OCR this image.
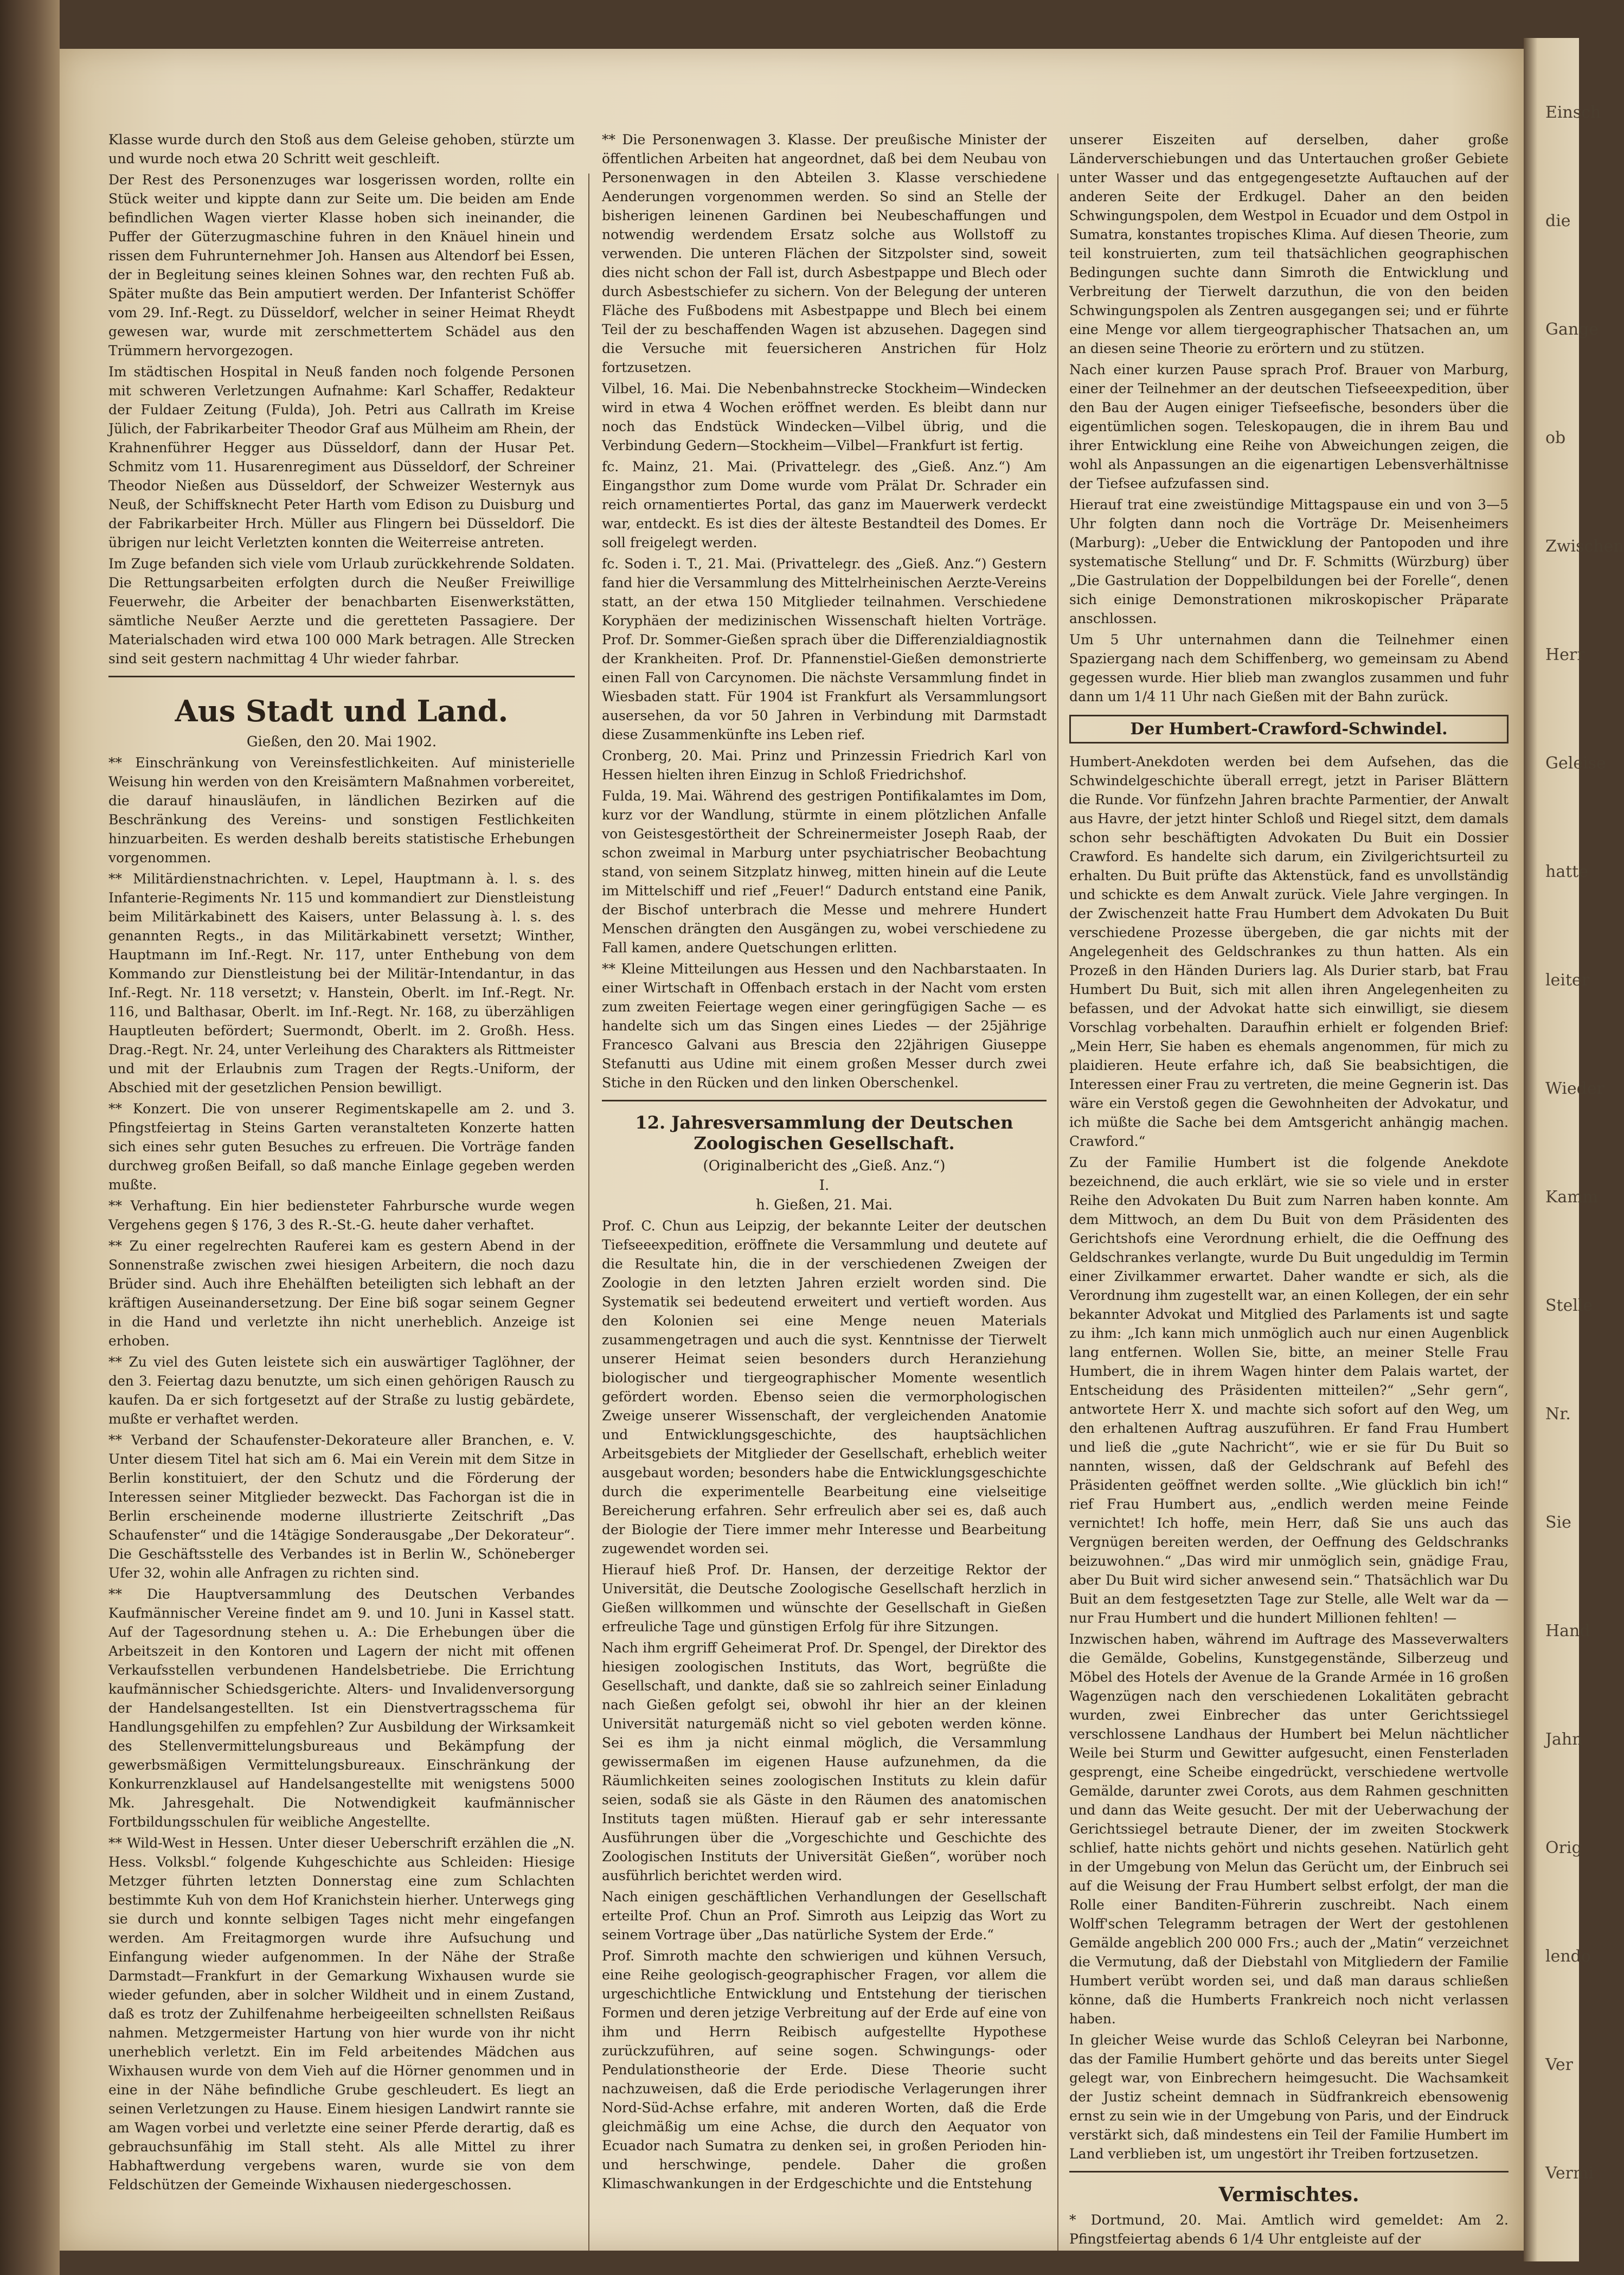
Klasse wurde durch den Stoß aus dem Geleise gehoben, stürzte um und wurde noch etwa 20 Schritt weit geschleift.

Der Rest des Personenzuges war losgerissen worden, rollte ein Stück weiter und kippte dann zur Seite um. Die beiden am Ende befindlichen Wagen vierter Klasse hoben sich ineinander, die Puffer der Güterzugmaschine fuhren in den Knäuel hinein und rissen dem Fuhrunternehmer Joh. Hansen aus Altendorf bei Essen, der in Begleitung seines kleinen Sohnes war, den rechten Fuß ab. Später mußte das Bein amputiert werden. Der Infanterist Schöffer vom 29. Inf.-Regt. zu Düsseldorf, welcher in seiner Heimat Rheydt gewesen war, wurde mit zerschmettertem Schädel aus den Trümmern hervorgezogen.

Im städtischen Hospital in Neuß fanden noch folgende Personen mit schweren Verletzungen Aufnahme: Karl Schaffer, Redakteur der Fuldaer Zeitung (Fulda), Joh. Petri aus Callrath im Kreise Jülich, der Fabrikarbeiter Theodor Graf aus Mülheim am Rhein, der Krahnenführer Hegger aus Düsseldorf, dann der Husar Pet. Schmitz vom 11. Husarenregiment aus Düsseldorf, der Schreiner Theodor Nießen aus Düsseldorf, der Schweizer Westernyk aus Neuß, der Schiffsknecht Peter Harth vom Edison zu Duisburg und der Fabrikarbeiter Hrch. Müller aus Flingern bei Düsseldorf. Die übrigen nur leicht Verletzten konnten die Weiterreise antreten.

Im Zuge befanden sich viele vom Urlaub zurückkehrende Soldaten. Die Rettungsarbeiten erfolgten durch die Neußer Freiwillige Feuerwehr, die Arbeiter der benachbarten Eisenwerkstätten, sämtliche Neußer Aerzte und die geretteten Passagiere. Der Materialschaden wird etwa 100 000 Mark betragen. Alle Strecken sind seit gestern nachmittag 4 Uhr wieder fahrbar.

Aus Stadt und Land.
Gießen, den 20. Mai 1902.

** Einschränkung von Vereinsfestlichkeiten. Auf ministerielle Weisung hin werden von den Kreisämtern Maßnahmen vorbereitet, die darauf hinausläufen, in ländlichen Bezirken auf die Beschränkung des Vereins- und sonstigen Festlichkeiten hinzuarbeiten. Es werden deshalb bereits statistische Erhebungen vorgenommen.

** Militärdienstnachrichten. v. Lepel, Hauptmann à. l. s. des Infanterie-Regiments Nr. 115 und kommandiert zur Dienstleistung beim Militärkabinett des Kaisers, unter Belassung à. l. s. des genannten Regts., in das Militärkabinett versetzt; Winther, Hauptmann im Inf.-Regt. Nr. 117, unter Enthebung von dem Kommando zur Dienstleistung bei der Militär-Intendantur, in das Inf.-Regt. Nr. 118 versetzt; v. Hanstein, Oberlt. im Inf.-Regt. Nr. 116, und Balthasar, Oberlt. im Inf.-Regt. Nr. 168, zu überzähligen Hauptleuten befördert; Suermondt, Oberlt. im 2. Großh. Hess. Drag.-Regt. Nr. 24, unter Verleihung des Charakters als Rittmeister und mit der Erlaubnis zum Tragen der Regts.-Uniform, der Abschied mit der gesetzlichen Pension bewilligt.

** Konzert. Die von unserer Regimentskapelle am 2. und 3. Pfingstfeiertag in Steins Garten veranstalteten Konzerte hatten sich eines sehr guten Besuches zu erfreuen. Die Vorträge fanden durchweg großen Beifall, so daß manche Einlage gegeben werden mußte.

** Verhaftung. Ein hier bediensteter Fahrbursche wurde wegen Vergehens gegen § 176, 3 des R.-St.-G. heute daher verhaftet.

** Zu einer regelrechten Rauferei kam es gestern Abend in der Sonnenstraße zwischen zwei hiesigen Arbeitern, die noch dazu Brüder sind. Auch ihre Ehehälften beteiligten sich lebhaft an der kräftigen Auseinandersetzung. Der Eine biß sogar seinem Gegner in die Hand und verletzte ihn nicht unerheblich. Anzeige ist erhoben.

** Zu viel des Guten leistete sich ein auswärtiger Taglöhner, der den 3. Feiertag dazu benutzte, um sich einen gehörigen Rausch zu kaufen. Da er sich fortgesetzt auf der Straße zu lustig gebärdete, mußte er verhaftet werden.

** Verband der Schaufenster-Dekorateure aller Branchen, e. V. Unter diesem Titel hat sich am 6. Mai ein Verein mit dem Sitze in Berlin konstituiert, der den Schutz und die Förderung der Interessen seiner Mitglieder bezweckt. Das Fachorgan ist die in Berlin erscheinende moderne illustrierte Zeitschrift „Das Schaufenster“ und die 14tägige Sonderausgabe „Der Dekorateur“. Die Geschäftsstelle des Verbandes ist in Berlin W., Schöneberger Ufer 32, wohin alle Anfragen zu richten sind.

** Die Hauptversammlung des Deutschen Verbandes Kaufmännischer Vereine findet am 9. und 10. Juni in Kassel statt. Auf der Tagesordnung stehen u. A.: Die Erhebungen über die Arbeitszeit in den Kontoren und Lagern der nicht mit offenen Verkaufsstellen verbundenen Handelsbetriebe. Die Errichtung kaufmännischer Schiedsgerichte. Alters- und Invalidenversorgung der Handelsangestellten. Ist ein Dienstvertragsschema für Handlungsgehilfen zu empfehlen? Zur Ausbildung der Wirksamkeit des Stellenvermittelungsbureaus und Bekämpfung der gewerbsmäßigen Vermittelungsbureaux. Einschränkung der Konkurrenzklausel auf Handelsangestellte mit wenigstens 5000 Mk. Jahresgehalt. Die Notwendigkeit kaufmännischer Fortbildungsschulen für weibliche Angestellte.

** Wild-West in Hessen. Unter dieser Ueberschrift erzählen die „N. Hess. Volksbl.“ folgende Kuhgeschichte aus Schleiden: Hiesige Metzger führten letzten Donnerstag eine zum Schlachten bestimmte Kuh von dem Hof Kranichstein hierher. Unterwegs ging sie durch und konnte selbigen Tages nicht mehr eingefangen werden. Am Freitagmorgen wurde ihre Aufsuchung und Einfangung wieder aufgenommen. In der Nähe der Straße Darmstadt—Frankfurt in der Gemarkung Wixhausen wurde sie wieder gefunden, aber in solcher Wildheit und in einem Zustand, daß es trotz der Zuhilfenahme herbeigeeilten schnellsten Reißaus nahmen. Metzgermeister Hartung von hier wurde von ihr nicht unerheblich verletzt. Ein im Feld arbeitendes Mädchen aus Wixhausen wurde von dem Vieh auf die Hörner genommen und in eine in der Nähe befindliche Grube geschleudert. Es liegt an seinen Verletzungen zu Hause. Einem hiesigen Landwirt rannte sie am Wagen vorbei und verletzte eine seiner Pferde derartig, daß es gebrauchsunfähig im Stall steht. Als alle Mittel zu ihrer Habhaftwerdung vergebens waren, wurde sie von dem Feldschützen der Gemeinde Wixhausen niedergeschossen.

** Die Personenwagen 3. Klasse. Der preußische Minister der öffentlichen Arbeiten hat angeordnet, daß bei dem Neubau von Personenwagen in den Abteilen 3. Klasse verschiedene Aenderungen vorgenommen werden. So sind an Stelle der bisherigen leinenen Gardinen bei Neubeschaffungen und notwendig werdendem Ersatz solche aus Wollstoff zu verwenden. Die unteren Flächen der Sitzpolster sind, soweit dies nicht schon der Fall ist, durch Asbestpappe und Blech oder durch Asbestschiefer zu sichern. Von der Belegung der unteren Fläche des Fußbodens mit Asbestpappe und Blech bei einem Teil der zu beschaffenden Wagen ist abzusehen. Dagegen sind die Versuche mit feuersicheren Anstrichen für Holz fortzusetzen.

Vilbel, 16. Mai. Die Nebenbahnstrecke Stockheim—Windecken wird in etwa 4 Wochen eröffnet werden. Es bleibt dann nur noch das Endstück Windecken—Vilbel übrig, und die Verbindung Gedern—Stockheim—Vilbel—Frankfurt ist fertig.

fc. Mainz, 21. Mai. (Privattelegr. des „Gieß. Anz.“) Am Eingangsthor zum Dome wurde vom Prälat Dr. Schrader ein reich ornamentiertes Portal, das ganz im Mauerwerk verdeckt war, entdeckt. Es ist dies der älteste Bestandteil des Domes. Er soll freigelegt werden.

fc. Soden i. T., 21. Mai. (Privattelegr. des „Gieß. Anz.“) Gestern fand hier die Versammlung des Mittelrheinischen Aerzte-Vereins statt, an der etwa 150 Mitglieder teilnahmen. Verschiedene Koryphäen der medizinischen Wissenschaft hielten Vorträge. Prof. Dr. Sommer-Gießen sprach über die Differenzialdiagnostik der Krankheiten. Prof. Dr. Pfannenstiel-Gießen demonstrierte einen Fall von Carcynomen. Die nächste Versammlung findet in Wiesbaden statt. Für 1904 ist Frankfurt als Versammlungsort ausersehen, da vor 50 Jahren in Verbindung mit Darmstadt diese Zusammenkünfte ins Leben rief.

Cronberg, 20. Mai. Prinz und Prinzessin Friedrich Karl von Hessen hielten ihren Einzug in Schloß Friedrichshof.

Fulda, 19. Mai. Während des gestrigen Pontifikalamtes im Dom, kurz vor der Wandlung, stürmte in einem plötzlichen Anfalle von Geistesgestörtheit der Schreinermeister Joseph Raab, der schon zweimal in Marburg unter psychiatrischer Beobachtung stand, von seinem Sitzplatz hinweg, mitten hinein auf die Leute im Mittelschiff und rief „Feuer!“ Dadurch entstand eine Panik, der Bischof unterbrach die Messe und mehrere Hundert Menschen drängten den Ausgängen zu, wobei verschiedene zu Fall kamen, andere Quetschungen erlitten.

** Kleine Mitteilungen aus Hessen und den Nachbarstaaten. In einer Wirtschaft in Offenbach erstach in der Nacht vom ersten zum zweiten Feiertage wegen einer geringfügigen Sache — es handelte sich um das Singen eines Liedes — der 25jährige Francesco Galvani aus Brescia den 22jährigen Giuseppe Stefanutti aus Udine mit einem großen Messer durch zwei Stiche in den Rücken und den linken Oberschenkel.

12. Jahresversammlung der Deutschen Zoologischen Gesellschaft.
(Originalbericht des „Gieß. Anz.“)
I.
h. Gießen, 21. Mai.

Prof. C. Chun aus Leipzig, der bekannte Leiter der deutschen Tiefseeexpedition, eröffnete die Versammlung und deutete auf die Resultate hin, die in der verschiedenen Zweigen der Zoologie in den letzten Jahren erzielt worden sind. Die Systematik sei bedeutend erweitert und vertieft worden. Aus den Kolonien sei eine Menge neuen Materials zusammengetragen und auch die syst. Kenntnisse der Tierwelt unserer Heimat seien besonders durch Heranziehung biologischer und tiergeographischer Momente wesentlich gefördert worden. Ebenso seien die vermorphologischen Zweige unserer Wissenschaft, der vergleichenden Anatomie und Entwicklungsgeschichte, des hauptsächlichen Arbeitsgebiets der Mitglieder der Gesellschaft, erheblich weiter ausgebaut worden; besonders habe die Entwicklungsgeschichte durch die experimentelle Bearbeitung eine vielseitige Bereicherung erfahren. Sehr erfreulich aber sei es, daß auch der Biologie der Tiere immer mehr Interesse und Bearbeitung zugewendet worden sei.

Hierauf hieß Prof. Dr. Hansen, der derzeitige Rektor der Universität, die Deutsche Zoologische Gesellschaft herzlich in Gießen willkommen und wünschte der Gesellschaft in Gießen erfreuliche Tage und günstigen Erfolg für ihre Sitzungen.

Nach ihm ergriff Geheimerat Prof. Dr. Spengel, der Direktor des hiesigen zoologischen Instituts, das Wort, begrüßte die Gesellschaft, und dankte, daß sie so zahlreich seiner Einladung nach Gießen gefolgt sei, obwohl ihr hier an der kleinen Universität naturgemäß nicht so viel geboten werden könne. Sei es ihm ja nicht einmal möglich, die Versammlung gewissermaßen im eigenen Hause aufzunehmen, da die Räumlichkeiten seines zoologischen Instituts zu klein dafür seien, sodaß sie als Gäste in den Räumen des anatomischen Instituts tagen müßten. Hierauf gab er sehr interessante Ausführungen über die „Vorgeschichte und Geschichte des Zoologischen Instituts der Universität Gießen“, worüber noch ausführlich berichtet werden wird.

Nach einigen geschäftlichen Verhandlungen der Gesellschaft erteilte Prof. Chun an Prof. Simroth aus Leipzig das Wort zu seinem Vortrage über „Das natürliche System der Erde.“

Prof. Simroth machte den schwierigen und kühnen Versuch, eine Reihe geologisch-geographischer Fragen, vor allem die urgeschichtliche Entwicklung und Entstehung der tierischen Formen und deren jetzige Verbreitung auf der Erde auf eine von ihm und Herrn Reibisch aufgestellte Hypothese zurückzuführen, auf seine sogen. Schwingungs- oder Pendulationstheorie der Erde. Diese Theorie sucht nachzuweisen, daß die Erde periodische Verlagerungen ihrer Nord-Süd-Achse erfahre, mit anderen Worten, daß die Erde gleichmäßig um eine Achse, die durch den Aequator von Ecuador nach Sumatra zu denken sei, in großen Perioden hin- und herschwinge, pendele. Daher die großen Klimaschwankungen in der Erdgeschichte und die Entstehung

unserer Eiszeiten auf derselben, daher große Länderverschiebungen und das Untertauchen großer Gebiete unter Wasser und das entgegengesetzte Auftauchen auf der anderen Seite der Erdkugel. Daher an den beiden Schwingungspolen, dem Westpol in Ecuador und dem Ostpol in Sumatra, konstantes tropisches Klima. Auf diesen Theorie, zum teil konstruierten, zum teil thatsächlichen geographischen Bedingungen suchte dann Simroth die Entwicklung und Verbreitung der Tierwelt darzuthun, die von den beiden Schwingungspolen als Zentren ausgegangen sei; und er führte eine Menge vor allem tiergeographischer Thatsachen an, um an diesen seine Theorie zu erörtern und zu stützen.

Nach einer kurzen Pause sprach Prof. Brauer von Marburg, einer der Teilnehmer an der deutschen Tiefseeexpedition, über den Bau der Augen einiger Tiefseefische, besonders über die eigentümlichen sogen. Teleskopaugen, die in ihrem Bau und ihrer Entwicklung eine Reihe von Abweichungen zeigen, die wohl als Anpassungen an die eigenartigen Lebensverhältnisse der Tiefsee aufzufassen sind.

Hierauf trat eine zweistündige Mittagspause ein und von 3—5 Uhr folgten dann noch die Vorträge Dr. Meisenheimers (Marburg): „Ueber die Entwicklung der Pantopoden und ihre systematische Stellung“ und Dr. F. Schmitts (Würzburg) über „Die Gastrulation der Doppelbildungen bei der Forelle“, denen sich einige Demonstrationen mikroskopischer Präparate anschlossen.

Um 5 Uhr unternahmen dann die Teilnehmer einen Spaziergang nach dem Schiffenberg, wo gemeinsam zu Abend gegessen wurde. Hier blieb man zwanglos zusammen und fuhr dann um 1/4 11 Uhr nach Gießen mit der Bahn zurück.

Der Humbert-Crawford-Schwindel.

Humbert-Anekdoten werden bei dem Aufsehen, das die Schwindelgeschichte überall erregt, jetzt in Pariser Blättern die Runde. Vor fünfzehn Jahren brachte Parmentier, der Anwalt aus Havre, der jetzt hinter Schloß und Riegel sitzt, dem damals schon sehr beschäftigten Advokaten Du Buit ein Dossier Crawford. Es handelte sich darum, ein Zivilgerichtsurteil zu erhalten. Du Buit prüfte das Aktenstück, fand es unvollständig und schickte es dem Anwalt zurück. Viele Jahre vergingen. In der Zwischenzeit hatte Frau Humbert dem Advokaten Du Buit verschiedene Prozesse übergeben, die gar nichts mit der Angelegenheit des Geldschrankes zu thun hatten. Als ein Prozeß in den Händen Duriers lag. Als Durier starb, bat Frau Humbert Du Buit, sich mit allen ihren Angelegenheiten zu befassen, und der Advokat hatte sich einwilligt, sie diesem Vorschlag vorbehalten. Daraufhin erhielt er folgenden Brief: „Mein Herr, Sie haben es ehemals angenommen, für mich zu plaidieren. Heute erfahre ich, daß Sie beabsichtigen, die Interessen einer Frau zu vertreten, die meine Gegnerin ist. Das wäre ein Verstoß gegen die Gewohnheiten der Advokatur, und ich müßte die Sache bei dem Amtsgericht anhängig machen. Crawford.“

Zu der Familie Humbert ist die folgende Anekdote bezeichnend, die auch erklärt, wie sie so viele und in erster Reihe den Advokaten Du Buit zum Narren haben konnte. Am dem Mittwoch, an dem Du Buit von dem Präsidenten des Gerichtshofs eine Verordnung erhielt, die die Oeffnung des Geldschrankes verlangte, wurde Du Buit ungeduldig im Termin einer Zivilkammer erwartet. Daher wandte er sich, als die Verordnung ihm zugestellt war, an einen Kollegen, der ein sehr bekannter Advokat und Mitglied des Parlaments ist und sagte zu ihm: „Ich kann mich unmöglich auch nur einen Augenblick lang entfernen. Wollen Sie, bitte, an meiner Stelle Frau Humbert, die in ihrem Wagen hinter dem Palais wartet, der Entscheidung des Präsidenten mitteilen?“ „Sehr gern“, antwortete Herr X. und machte sich sofort auf den Weg, um den erhaltenen Auftrag auszuführen. Er fand Frau Humbert und ließ die „gute Nachricht“, wie er sie für Du Buit so nannten, wissen, daß der Geldschrank auf Befehl des Präsidenten geöffnet werden sollte. „Wie glücklich bin ich!“ rief Frau Humbert aus, „endlich werden meine Feinde vernichtet! Ich hoffe, mein Herr, daß Sie uns auch das Vergnügen bereiten werden, der Oeffnung des Geldschranks beizuwohnen.“ „Das wird mir unmöglich sein, gnädige Frau, aber Du Buit wird sicher anwesend sein.“ Thatsächlich war Du Buit an dem festgesetzten Tage zur Stelle, alle Welt war da — nur Frau Humbert und die hundert Millionen fehlten! —

Inzwischen haben, während im Auftrage des Masseverwalters die Gemälde, Gobelins, Kunstgegenstände, Silberzeug und Möbel des Hotels der Avenue de la Grande Armée in 16 großen Wagenzügen nach den verschiedenen Lokalitäten gebracht wurden, zwei Einbrecher das unter Gerichtssiegel verschlossene Landhaus der Humbert bei Melun nächtlicher Weile bei Sturm und Gewitter aufgesucht, einen Fensterladen gesprengt, eine Scheibe eingedrückt, verschiedene wertvolle Gemälde, darunter zwei Corots, aus dem Rahmen geschnitten und dann das Weite gesucht. Der mit der Ueberwachung der Gerichtssiegel betraute Diener, der im zweiten Stockwerk schlief, hatte nichts gehört und nichts gesehen. Natürlich geht in der Umgebung von Melun das Gerücht um, der Einbruch sei auf die Weisung der Frau Humbert selbst erfolgt, der man die Rolle einer Banditen-Führerin zuschreibt. Nach einem Wolff'schen Telegramm betragen der Wert der gestohlenen Gemälde angeblich 200 000 Frs.; auch der „Matin“ verzeichnet die Vermutung, daß der Diebstahl von Mitgliedern der Familie Humbert verübt worden sei, und daß man daraus schließen könne, daß die Humberts Frankreich noch nicht verlassen haben.

In gleicher Weise wurde das Schloß Celeyran bei Narbonne, das der Familie Humbert gehörte und das bereits unter Siegel gelegt war, von Einbrechern heimgesucht. Die Wachsamkeit der Justiz scheint demnach in Südfrankreich ebensowenig ernst zu sein wie in der Umgebung von Paris, und der Eindruck verstärkt sich, daß mindestens ein Teil der Familie Humbert im Land verblieben ist, um ungestört ihr Treiben fortzusetzen.

Vermischtes.

* Dortmund, 20. Mai. Amtlich wird gemeldet: Am 2. Pfingstfeiertag abends 6 1/4 Uhr entgleiste auf der

Einsch
die
Gange
ob
Zwischen
Herr
Geleise
hatte
leiter
Wieder
Kamm
Stelle
Nr.
Sie
Hand
Jahn
Orig
lendo
Ver
Vermi
